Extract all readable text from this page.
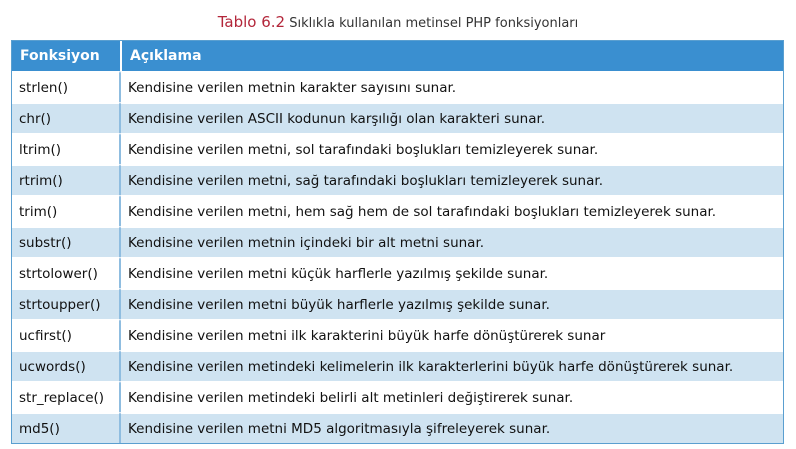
Tablo 6.2 Sıklıkla kullanılan metinsel PHP fonksiyonları
Fonksiyon	Açıklama
strlen()	Kendisine verilen metnin karakter sayısını sunar.
chr()	Kendisine verilen ASCII kodunun karşılığı olan karakteri sunar.
ltrim()	Kendisine verilen metni, sol tarafındaki boşlukları temizleyerek sunar.
rtrim()	Kendisine verilen metni, sağ tarafındaki boşlukları temizleyerek sunar.
trim()	Kendisine verilen metni, hem sağ hem de sol tarafındaki boşlukları temizleyerek sunar.
substr()	Kendisine verilen metnin içindeki bir alt metni sunar.
strtolower()	Kendisine verilen metni küçük harflerle yazılmış şekilde sunar.
strtoupper()	Kendisine verilen metni büyük harflerle yazılmış şekilde sunar.
ucfirst()	Kendisine verilen metni ilk karakterini büyük harfe dönüştürerek sunar
ucwords()	Kendisine verilen metindeki kelimelerin ilk karakterlerini büyük harfe dönüştürerek sunar.
str_replace()	Kendisine verilen metindeki belirli alt metinleri değiştirerek sunar.
md5()	Kendisine verilen metni MD5 algoritmasıyla şifreleyerek sunar.
